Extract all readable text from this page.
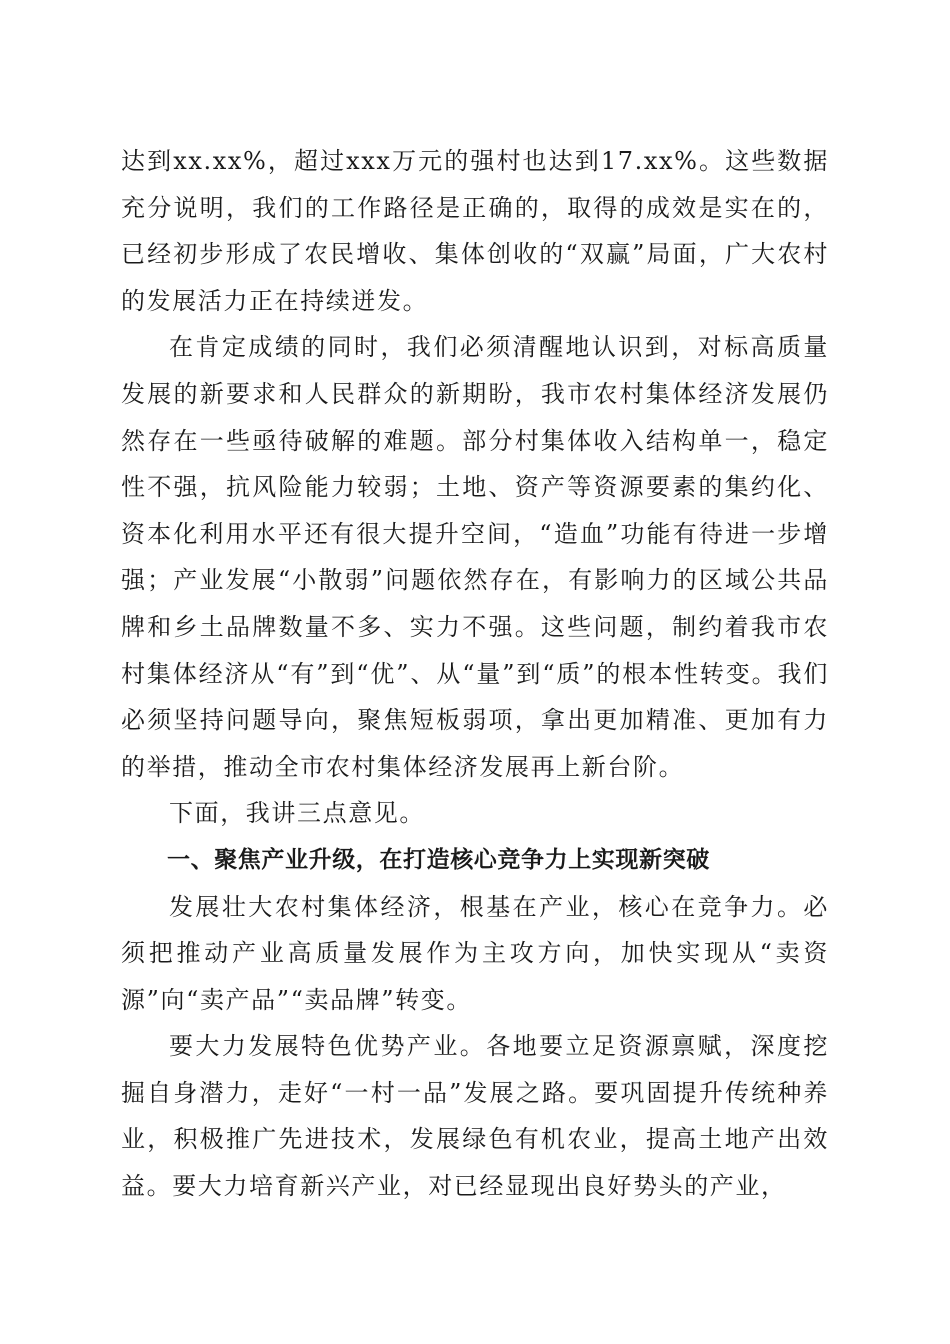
达到xx.xx%，超过xxx万元的强村也达到17.xx%。这些数据充分说明，我们的工作路径是正确的，取得的成效是实在的，已经初步形成了农民增收、集体创收的“双赢”局面，广大农村的发展活力正在持续迸发。

在肯定成绩的同时，我们必须清醒地认识到，对标高质量发展的新要求和人民群众的新期盼，我市农村集体经济发展仍然存在一些亟待破解的难题。部分村集体收入结构单一，稳定性不强，抗风险能力较弱；土地、资产等资源要素的集约化、资本化利用水平还有很大提升空间，“造血”功能有待进一步增强；产业发展“小散弱”问题依然存在，有影响力的区域公共品牌和乡土品牌数量不多、实力不强。这些问题，制约着我市农村集体经济从“有”到“优”、从“量”到“质”的根本性转变。我们必须坚持问题导向，聚焦短板弱项，拿出更加精准、更加有力的举措，推动全市农村集体经济发展再上新台阶。

下面，我讲三点意见。

一、聚焦产业升级，在打造核心竞争力上实现新突破

发展壮大农村集体经济，根基在产业，核心在竞争力。必须把推动产业高质量发展作为主攻方向，加快实现从“卖资源”向“卖产品”“卖品牌”转变。

要大力发展特色优势产业。各地要立足资源禀赋，深度挖掘自身潜力，走好“一村一品”发展之路。要巩固提升传统种养业，积极推广先进技术，发展绿色有机农业，提高土地产出效益。要大力培育新兴产业，对已经显现出良好势头的产业，
